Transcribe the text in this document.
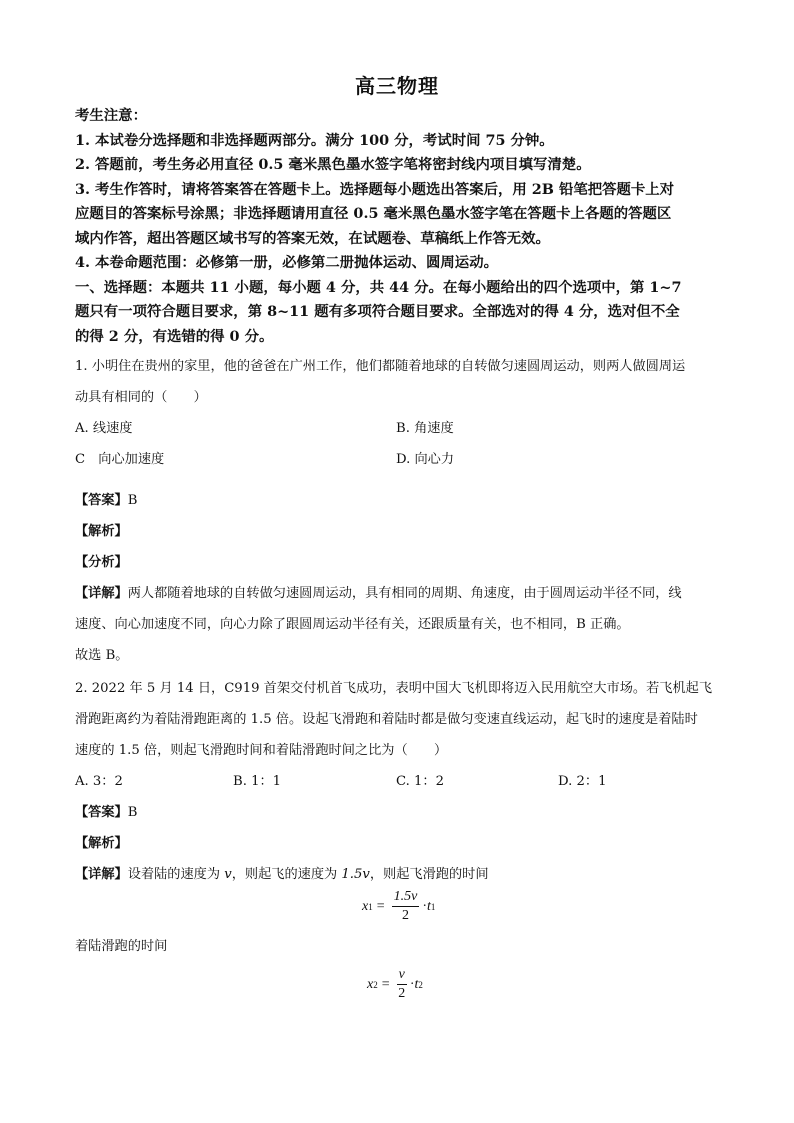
高三物理
考生注意：
1. 本试卷分选择题和非选择题两部分。满分 100 分，考试时间 75 分钟。
2. 答题前，考生务必用直径 0.5 毫米黑色墨水签字笔将密封线内项目填写清楚。
3. 考生作答时，请将答案答在答题卡上。选择题每小题选出答案后，用 2B 铅笔把答题卡上对
应题目的答案标号涂黑；非选择题请用直径 0.5 毫米黑色墨水签字笔在答题卡上各题的答题区
域内作答，超出答题区域书写的答案无效，在试题卷、草稿纸上作答无效。
4. 本卷命题范围：必修第一册，必修第二册抛体运动、圆周运动。
一、选择题：本题共 11 小题，每小题 4 分，共 44 分。在每小题给出的四个选项中，第 1~7
题只有一项符合题目要求，第 8~11 题有多项符合题目要求。全部选对的得 4 分，选对但不全
的得 2 分，有选错的得 0 分。
1. 小明住在贵州的家里，他的爸爸在广州工作，他们都随着地球的自转做匀速圆周运动，则两人做圆周运
动具有相同的（　　）
A. 线速度	B. 角速度
C　向心加速度	D. 向心力
【答案】B
【解析】
【分析】
【详解】两人都随着地球的自转做匀速圆周运动，具有相同的周期、角速度，由于圆周运动半径不同，线
速度、向心加速度不同，向心力除了跟圆周运动半径有关，还跟质量有关，也不相同，B 正确。
故选 B。
2. 2022 年 5 月 14 日，C919 首架交付机首飞成功，表明中国大飞机即将迈入民用航空大市场。若飞机起飞
滑跑距离约为着陆滑跑距离的 1.5 倍。设起飞滑跑和着陆时都是做匀变速直线运动，起飞时的速度是着陆时
速度的 1.5 倍，则起飞滑跑时间和着陆滑跑时间之比为（　　）
A. 3：2	B. 1：1	C. 1：2	D. 2：1
【答案】B
【解析】
【详解】设着陆的速度为 v，则起飞的速度为 1.5v，则起飞滑跑的时间
x $1 = \frac{1.5v}{2} \cdot t$ 1
着陆滑跑的时间
x $2 = \frac{v}{2} \cdot t$ 2
